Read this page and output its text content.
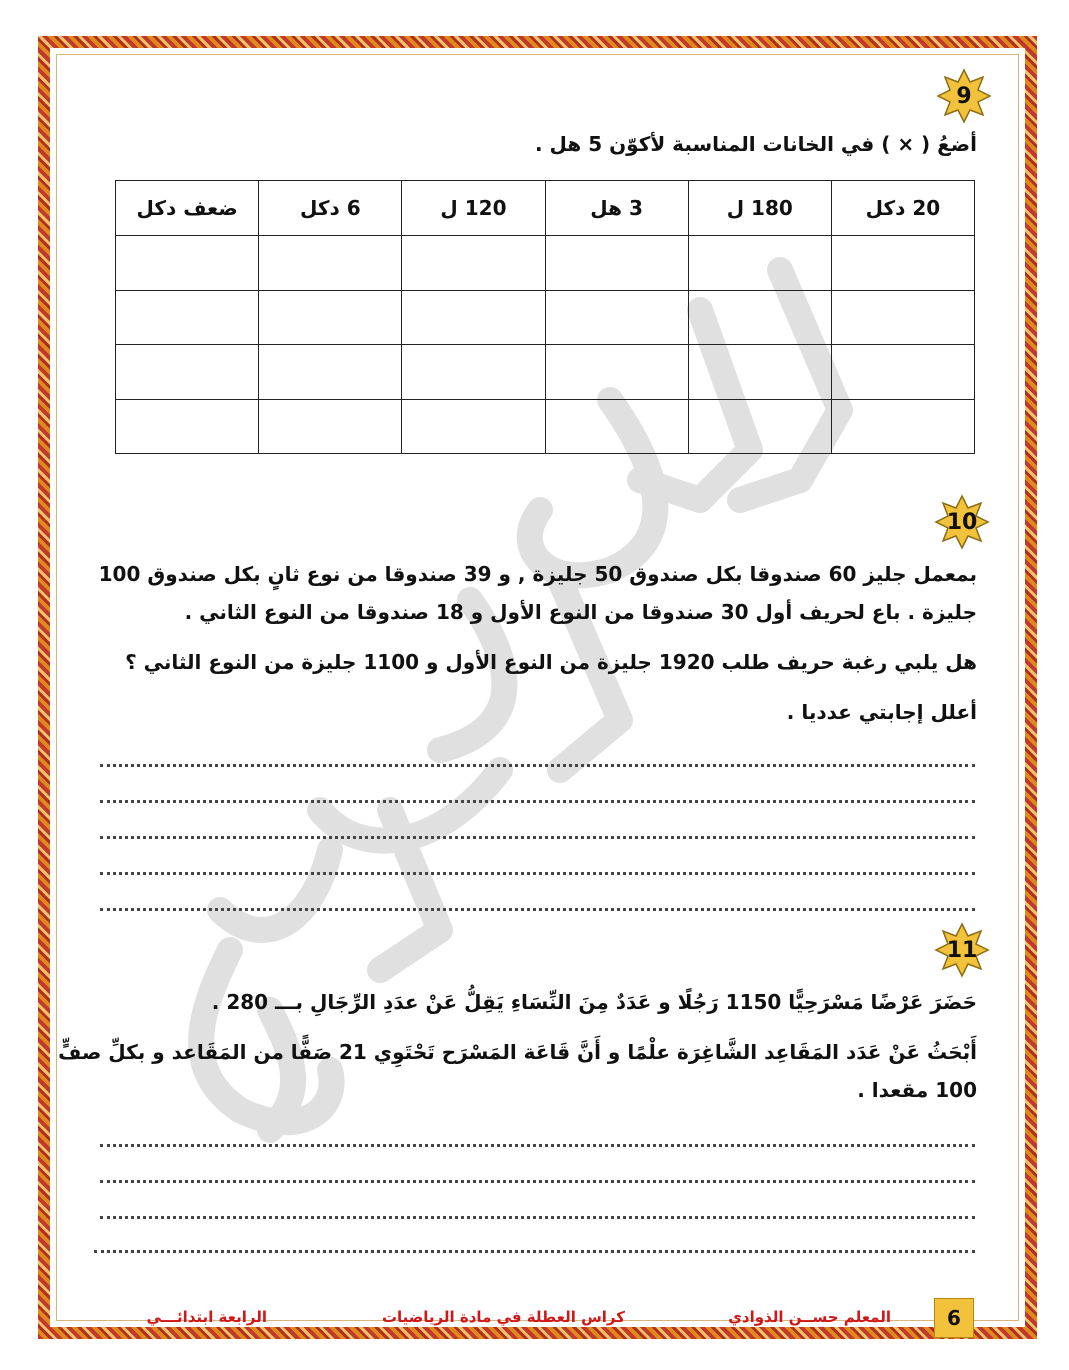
9
أضعُ ( × ) في الخانات المناسبة لأكوّن 5 هل .
20 دكل	180 ل	3 هل	120 ل	6 دكل	ضعف دكل

10
بمعمل جليز 60 صندوقا بكل صندوق 50 جليزة , و 39 صندوقا من نوع ثانٍ بكل صندوق 100
جليزة . باع لحريف أول 30 صندوقا من النوع الأول و 18 صندوقا من النوع الثاني .
هل يلبي رغبة حريف طلب 1920 جليزة من النوع الأول و 1100 جليزة من النوع الثاني ؟
أعلل إجابتي عدديا .
11
حَضَرَ عَرْضًا مَسْرَحِيًّا 1150 رَجُلًا و عَدَدٌ مِنَ النِّسَاءِ يَقِلُّ عَنْ عدَدِ الرِّجَالِ بـــ 280 .
أَبْحَثُ عَنْ عَدَد المَقَاعِد الشَّاغِرَة علْمًا و أَنَّ قَاعَة المَسْرَح تَحْتَوِي 21 صَفًّا من المَقَاعد و بكلِّ صفٍّ
100 مقعدا .
6
المعلم حســن الذوادي
كراس العطلة في مادة الرياضيات
الرابعة ابتدائـــي
